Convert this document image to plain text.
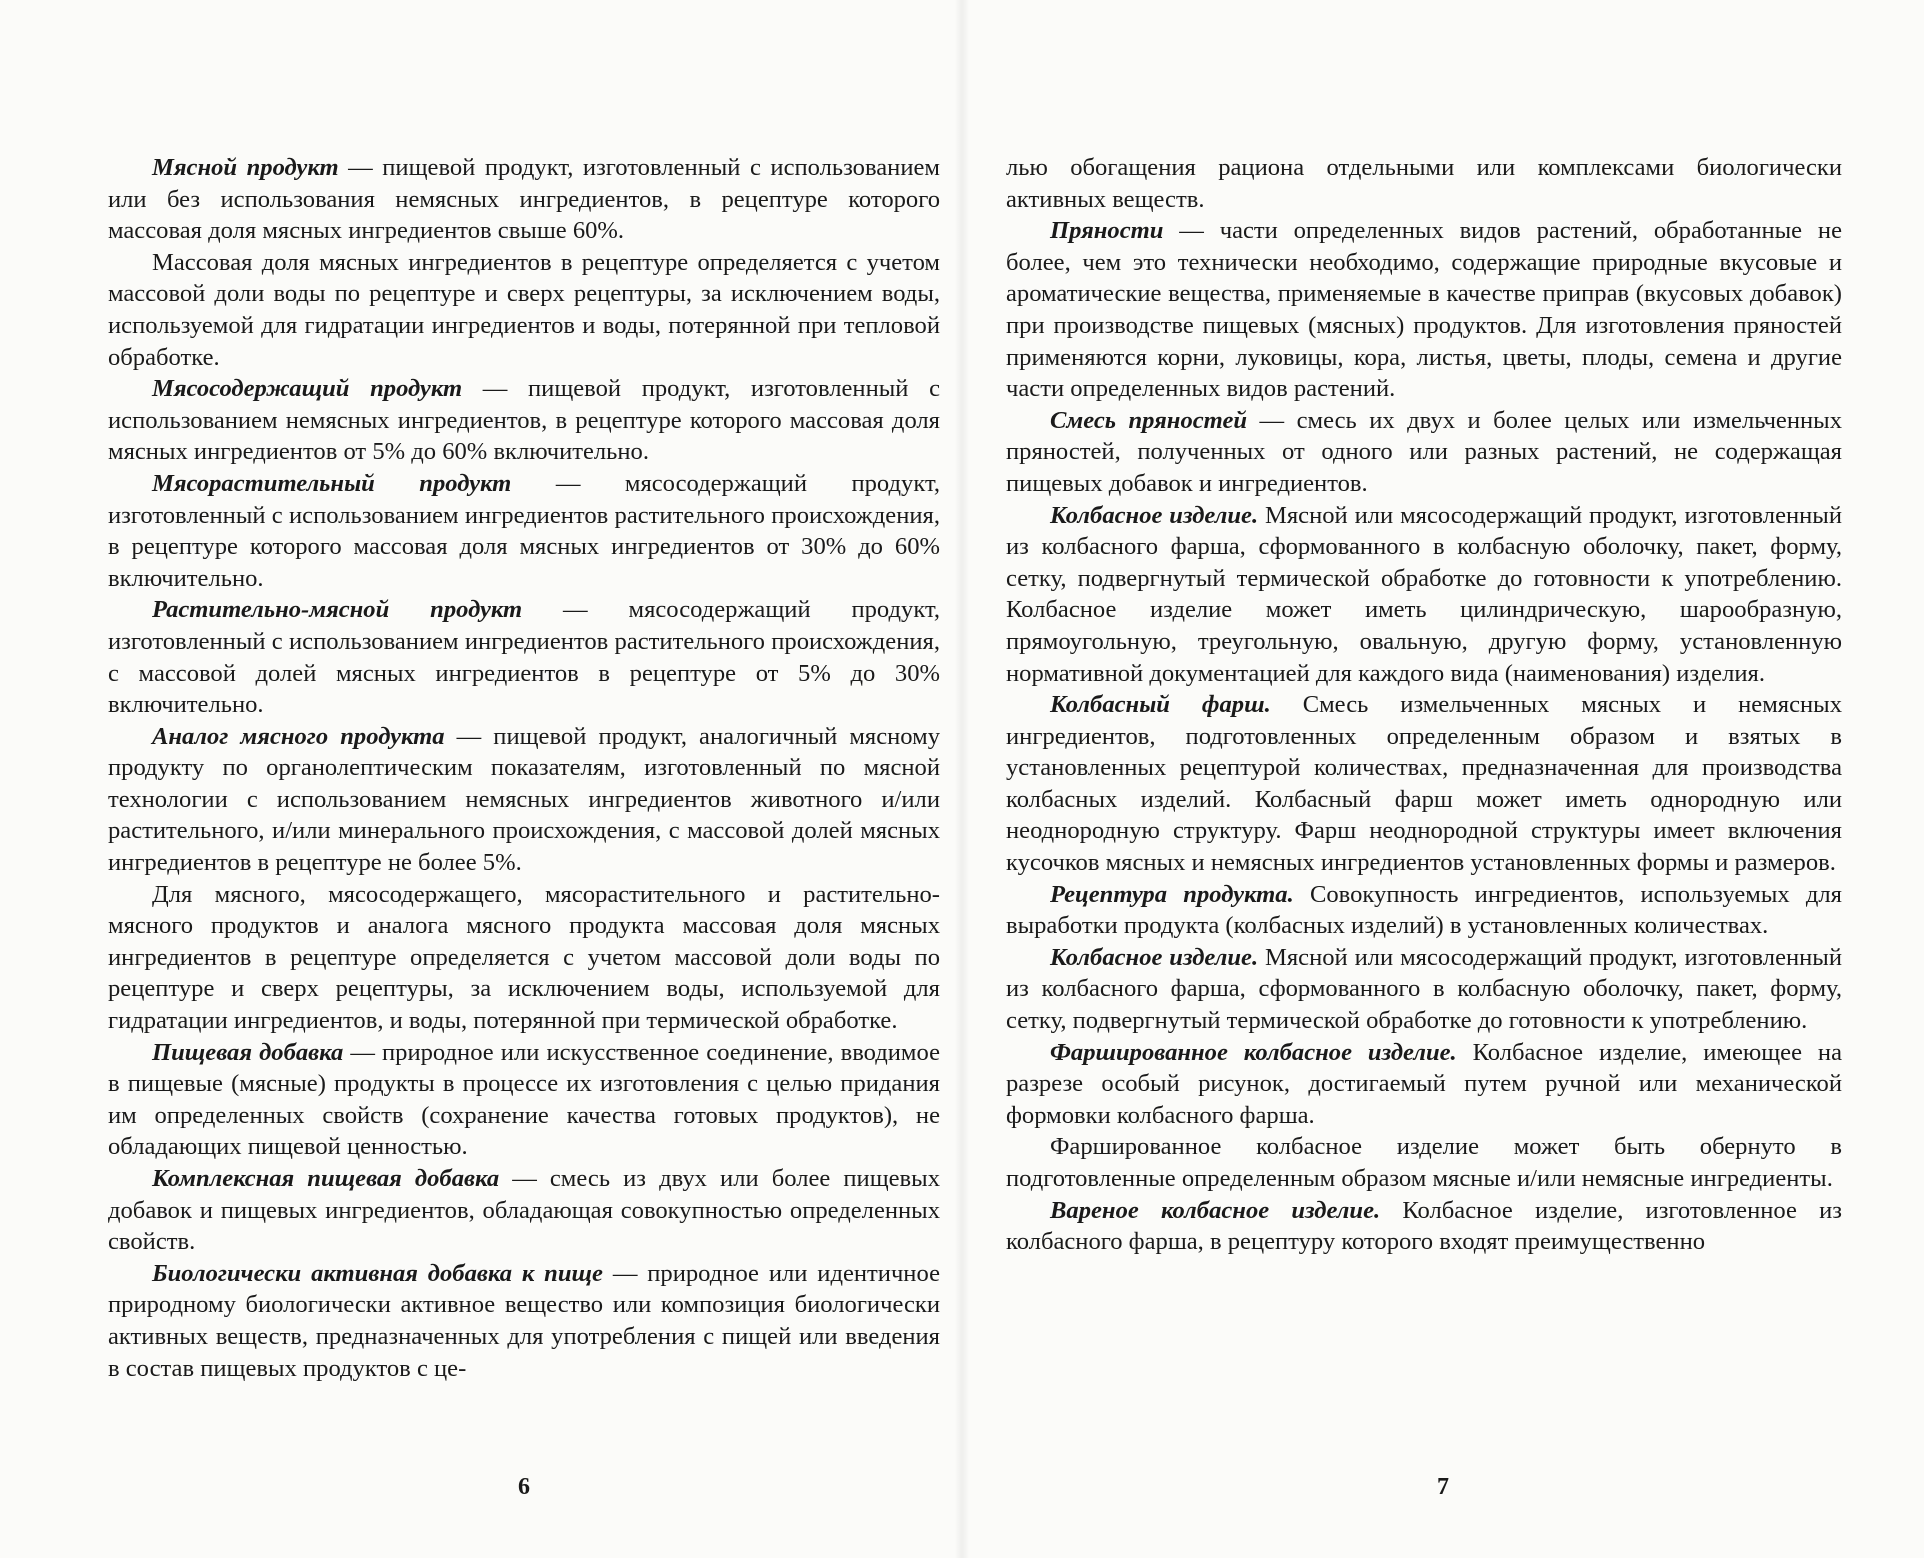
Мясной продукт — пищевой продукт, изготовленный с использованием или без использования немясных ингредиентов, в рецептуре которого массовая доля мясных ингредиентов свыше 60%.

Массовая доля мясных ингредиентов в рецептуре определяется с учетом массовой доли воды по рецептуре и сверх рецептуры, за исключением воды, используемой для гидратации ингредиентов и воды, потерянной при тепловой обработке.

Мясосодержащий продукт — пищевой продукт, изготовленный с использованием немясных ингредиентов, в рецептуре которого массовая доля мясных ингредиентов от 5% до 60% включительно.

Мясорастительный продукт — мясосодержащий продукт, изготовленный с использованием ингредиентов растительного происхождения, в рецептуре которого массовая доля мясных ингредиентов от 30% до 60% включительно.

Растительно-мясной продукт — мясосодержащий продукт, изготовленный с использованием ингредиентов растительного происхождения, с массовой долей мясных ингредиентов в рецептуре от 5% до 30% включительно.

Аналог мясного продукта — пищевой продукт, аналогичный мясному продукту по органолептическим показателям, изготовленный по мясной технологии с использованием немясных ингредиентов животного и/или растительного, и/или минерального происхождения, с массовой долей мясных ингредиентов в рецептуре не более 5%.

Для мясного, мясосодержащего, мясорастительного и растительно-мясного продуктов и аналога мясного продукта массовая доля мясных ингредиентов в рецептуре определяется с учетом массовой доли воды по рецептуре и сверх рецептуры, за исключением воды, используемой для гидратации ингредиентов, и воды, потерянной при термической обработке.

Пищевая добавка — природное или искусственное соединение, вводимое в пищевые (мясные) продукты в процессе их изготовления с целью придания им определенных свойств (сохранение качества готовых продуктов), не обладающих пищевой ценностью.

Комплексная пищевая добавка — смесь из двух или более пищевых добавок и пищевых ингредиентов, обладающая совокупностью определенных свойств.

Биологически активная добавка к пище — природное или идентичное природному биологически активное вещество или композиция биологически активных веществ, предназначенных для употребления с пищей или введения в состав пищевых продуктов с це-

6

лью обогащения рациона отдельными или комплексами биологически активных веществ.

Пряности — части определенных видов растений, обработанные не более, чем это технически необходимо, содержащие природные вкусовые и ароматические вещества, применяемые в качестве приправ (вкусовых добавок) при производстве пищевых (мясных) продуктов. Для изготовления пряностей применяются корни, луковицы, кора, листья, цветы, плоды, семена и другие части определенных видов растений.

Смесь пряностей — смесь их двух и более целых или измельченных пряностей, полученных от одного или разных растений, не содержащая пищевых добавок и ингредиентов.

Колбасное изделие. Мясной или мясосодержащий продукт, изготовленный из колбасного фарша, сформованного в колбасную оболочку, пакет, форму, сетку, подвергнутый термической обработке до готовности к употреблению. Колбасное изделие может иметь цилиндрическую, шарообразную, прямоугольную, треугольную, овальную, другую форму, установленную нормативной документацией для каждого вида (наименования) изделия.

Колбасный фарш. Смесь измельченных мясных и немясных ингредиентов, подготовленных определенным образом и взятых в установленных рецептурой количествах, предназначенная для производства колбасных изделий. Колбасный фарш может иметь однородную или неоднородную структуру. Фарш неоднородной структуры имеет включения кусочков мясных и немясных ингредиентов установленных формы и размеров.

Рецептура продукта. Совокупность ингредиентов, используемых для выработки продукта (колбасных изделий) в установленных количествах.

Колбасное изделие. Мясной или мясосодержащий продукт, изготовленный из колбасного фарша, сформованного в колбасную оболочку, пакет, форму, сетку, подвергнутый термической обработке до готовности к употреблению.

Фаршированное колбасное изделие. Колбасное изделие, имеющее на разрезе особый рисунок, достигаемый путем ручной или механической формовки колбасного фарша.

Фаршированное колбасное изделие может быть обернуто в подготовленные определенным образом мясные и/или немясные ингредиенты.

Вареное колбасное изделие. Колбасное изделие, изготовленное из колбасного фарша, в рецептуру которого входят преимущественно

7
